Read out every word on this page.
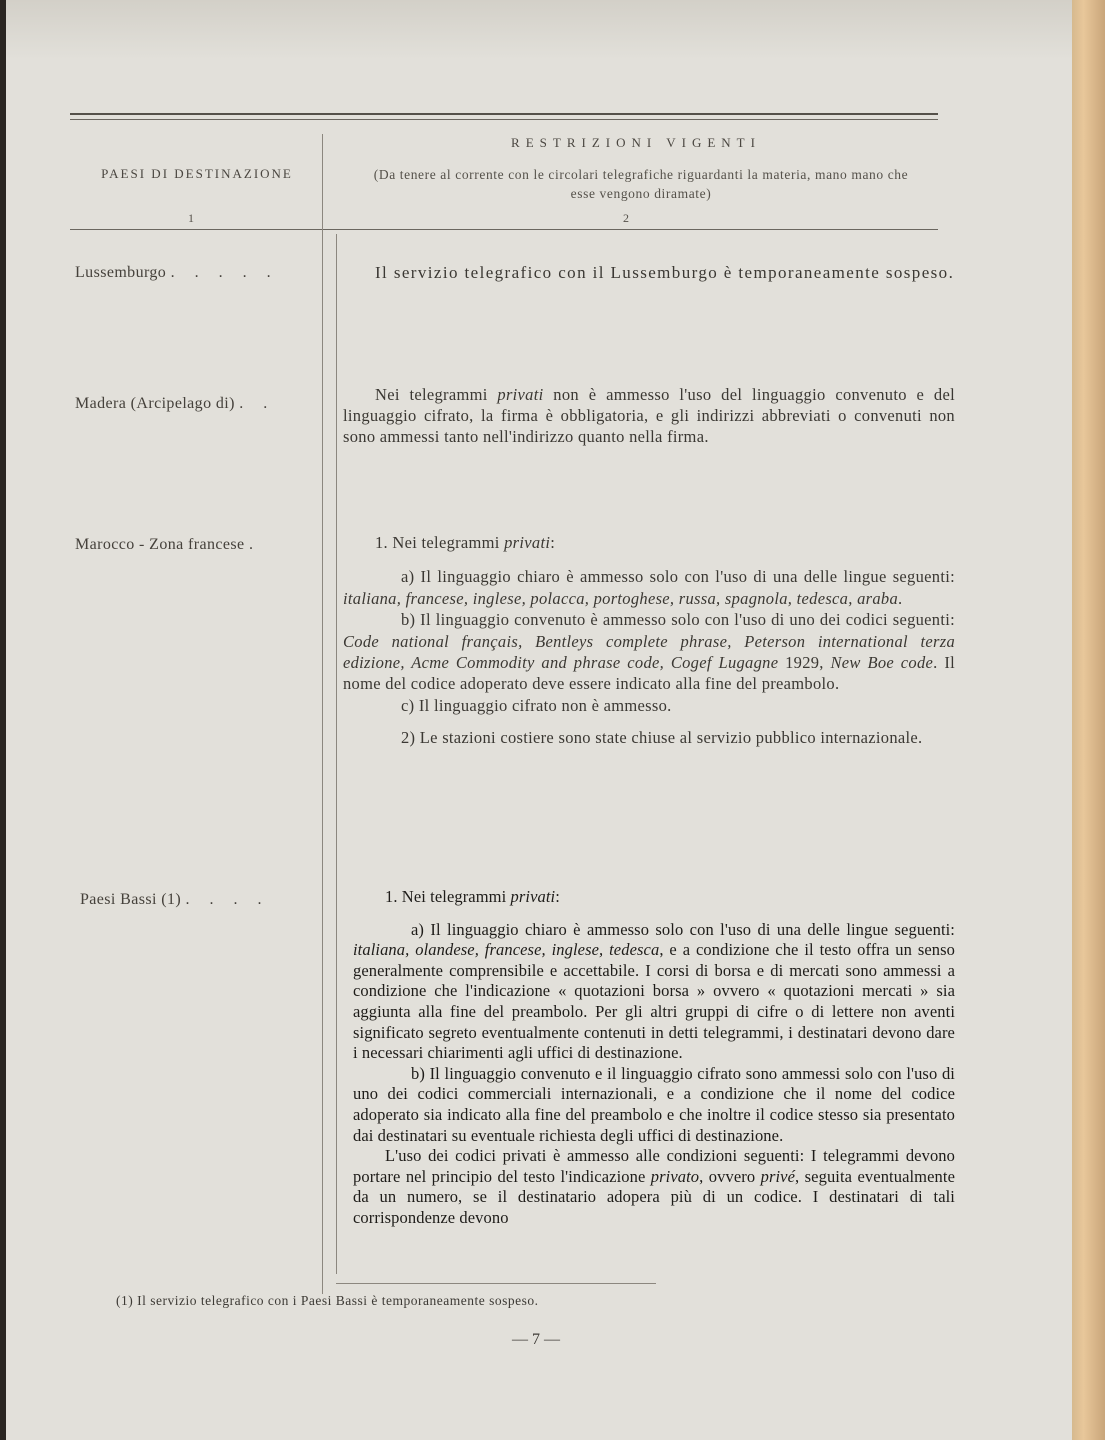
PAESI DI DESTINAZIONE
RESTRIZIONI VIGENTI
(Da tenere al corrente con le circolari telegrafiche riguardanti la materia, mano mano che esse vengono diramate)
1	2
Lussemburgo . . . . .	Il servizio telegrafico con il Lussemburgo è temporaneamente sospeso.

Madera (Arcipelago di) . .	Nei telegrammi privati non è ammesso l'uso del linguaggio convenuto e del linguaggio cifrato, la firma è obbligatoria, e gli indirizzi abbreviati o convenuti non sono ammessi tanto nell'indirizzo quanto nella firma.

Marocco - Zona francese .	1. Nei telegrammi privati:

a) Il linguaggio chiaro è ammesso solo con l'uso di una delle lingue seguenti: italiana, francese, inglese, polacca, portoghese, russa, spagnola, tedesca, araba.

b) Il linguaggio convenuto è ammesso solo con l'uso di uno dei codici seguenti: Code national français, Bentleys complete phrase, Peterson international terza edizione, Acme Commodity and phrase code, Cogef Lugagne 1929, New Boe code. Il nome del codice adoperato deve essere indicato alla fine del preambolo.

c) Il linguaggio cifrato non è ammesso.

2) Le stazioni costiere sono state chiuse al servizio pubblico internazionale.

Paesi Bassi (1) . . . .	1. Nei telegrammi privati:

a) Il linguaggio chiaro è ammesso solo con l'uso di una delle lingue seguenti: italiana, olandese, francese, inglese, tedesca, e a condizione che il testo offra un senso generalmente comprensibile e accettabile. I corsi di borsa e di mercati sono ammessi a condizione che l'indicazione « quotazioni borsa » ovvero « quotazioni mercati » sia aggiunta alla fine del preambolo. Per gli altri gruppi di cifre o di lettere non aventi significato segreto eventualmente contenuti in detti telegrammi, i destinatari devono dare i necessari chiarimenti agli uffici di destinazione.

b) Il linguaggio convenuto e il linguaggio cifrato sono ammessi solo con l'uso di uno dei codici commerciali internazionali, e a condizione che il nome del codice adoperato sia indicato alla fine del preambolo e che inoltre il codice stesso sia presentato dai destinatari su eventuale richiesta degli uffici di destinazione.

L'uso dei codici privati è ammesso alle condizioni seguenti: I telegrammi devono portare nel principio del testo l'indicazione privato, ovvero privé, seguita eventualmente da un numero, se il destinatario adopera più di un codice. I destinatari di tali corrispondenze devono

(1) Il servizio telegrafico con i Paesi Bassi è temporaneamente sospeso.
— 7 —
